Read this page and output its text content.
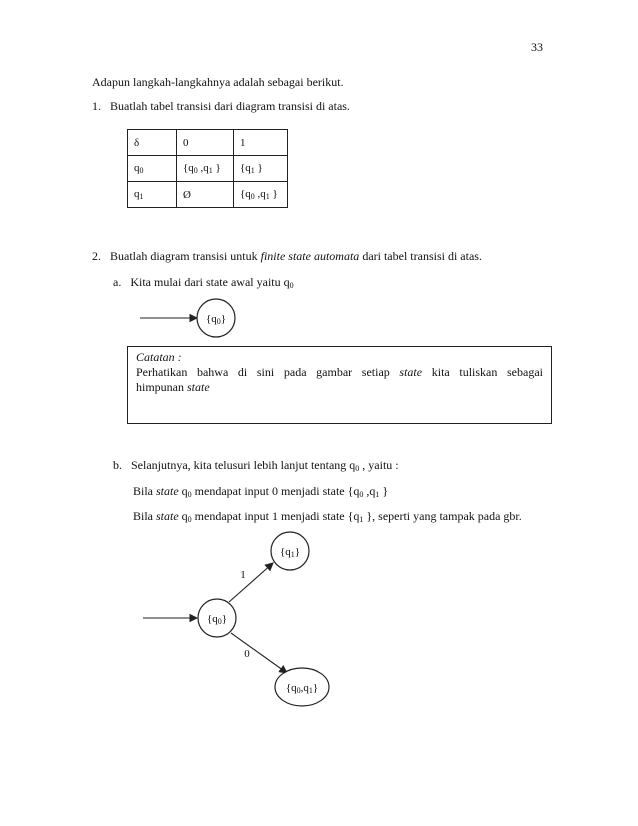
33
Adapun langkah-langkahnya adalah sebagai berikut.
1. Buatlah tabel transisi dari diagram transisi di atas.
δ	0	1
$q_0$	{$q_0$ $,q_1$ }	{$q_1$ }
$q_1$	Ø	{$q_0$ $,q_1$ }
2. Buatlah diagram transisi untuk finite state automata dari tabel transisi di atas.
a. Kita mulai dari state awal yaitu $q_0$
{q0}
{q0}
{q1}
{q0,q1}
1
0

Catatan :

Perhatikan bahwa di sini pada gambar setiap state kita tuliskan sebagai

himpunan state

b. Selanjutnya, kita telusuri lebih lanjut tentang $q_0$ , yaitu :
Bila state $q_0$ mendapat input 0 menjadi state {$q_0$ $,q_1$ }
Bila state $q_0$ mendapat input 1 menjadi state {$q_1$ }, seperti yang tampak pada gbr.
